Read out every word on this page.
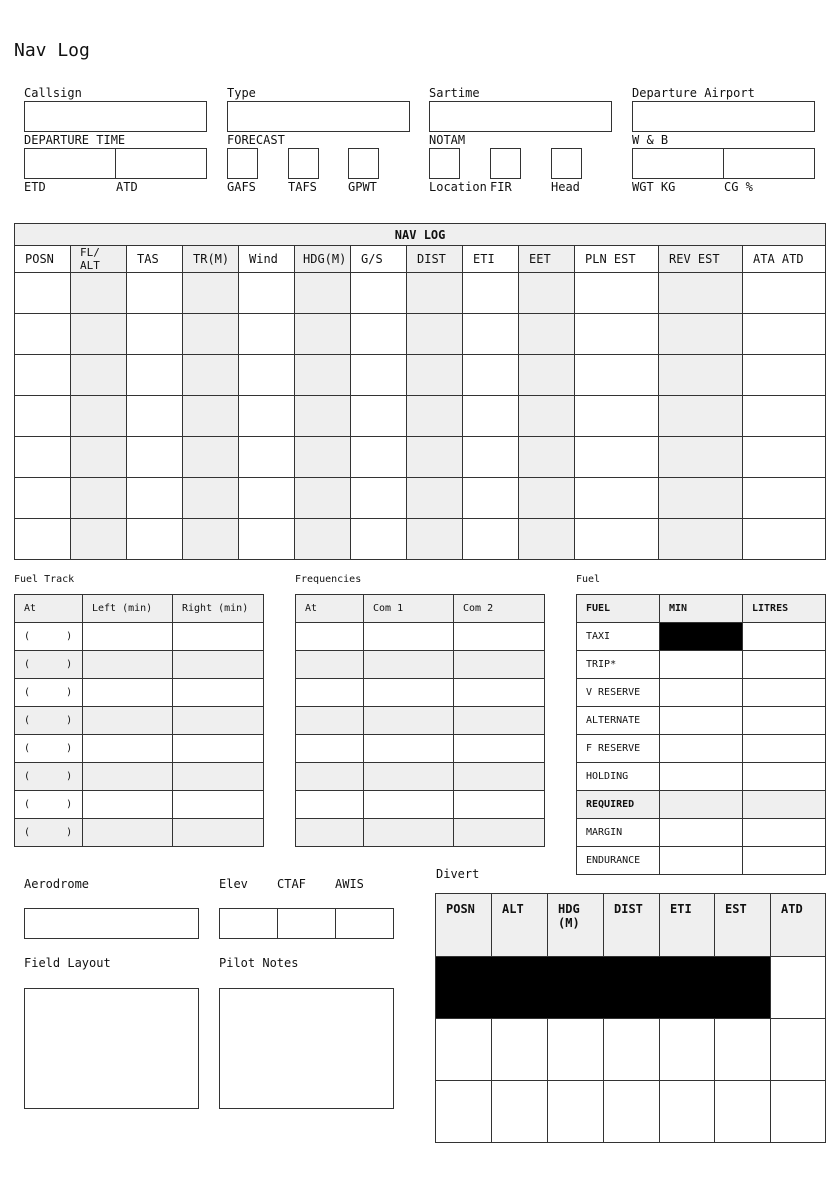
Nav Log
Callsign	Type	Sartime	Departure Airport
DEPARTURE TIME
ETD	ATD
FORECAST
GAFS	TAFS	GPWT
NOTAM
Location FIR	Head
W & B
WGT KG	CG %
NAV LOG												
POSN	FL/ ALT	TAS	TR(M)	Wind	HDG(M)	G/S	DIST	ETI	EET	PLN EST	REV EST	ATA ATD

Fuel Track
At	Left (min)	Right (min)
(      )		
(      )		
(      )		
(      )		
(      )		
(      )		
(      )		
(      )		
Frequencies
At	Com 1	Com 2

Fuel
FUEL	MIN	LITRES
TAXI		
TRIP*		
V RESERVE		
ALTERNATE		
F RESERVE		
HOLDING		
REQUIRED		
MARGIN		
ENDURANCE		
Aerodrome	Elev CTAF AWIS
Field Layout	Pilot Notes
Divert
POSN	ALT	HDG (M)	DIST	ETI	EST	ATD
